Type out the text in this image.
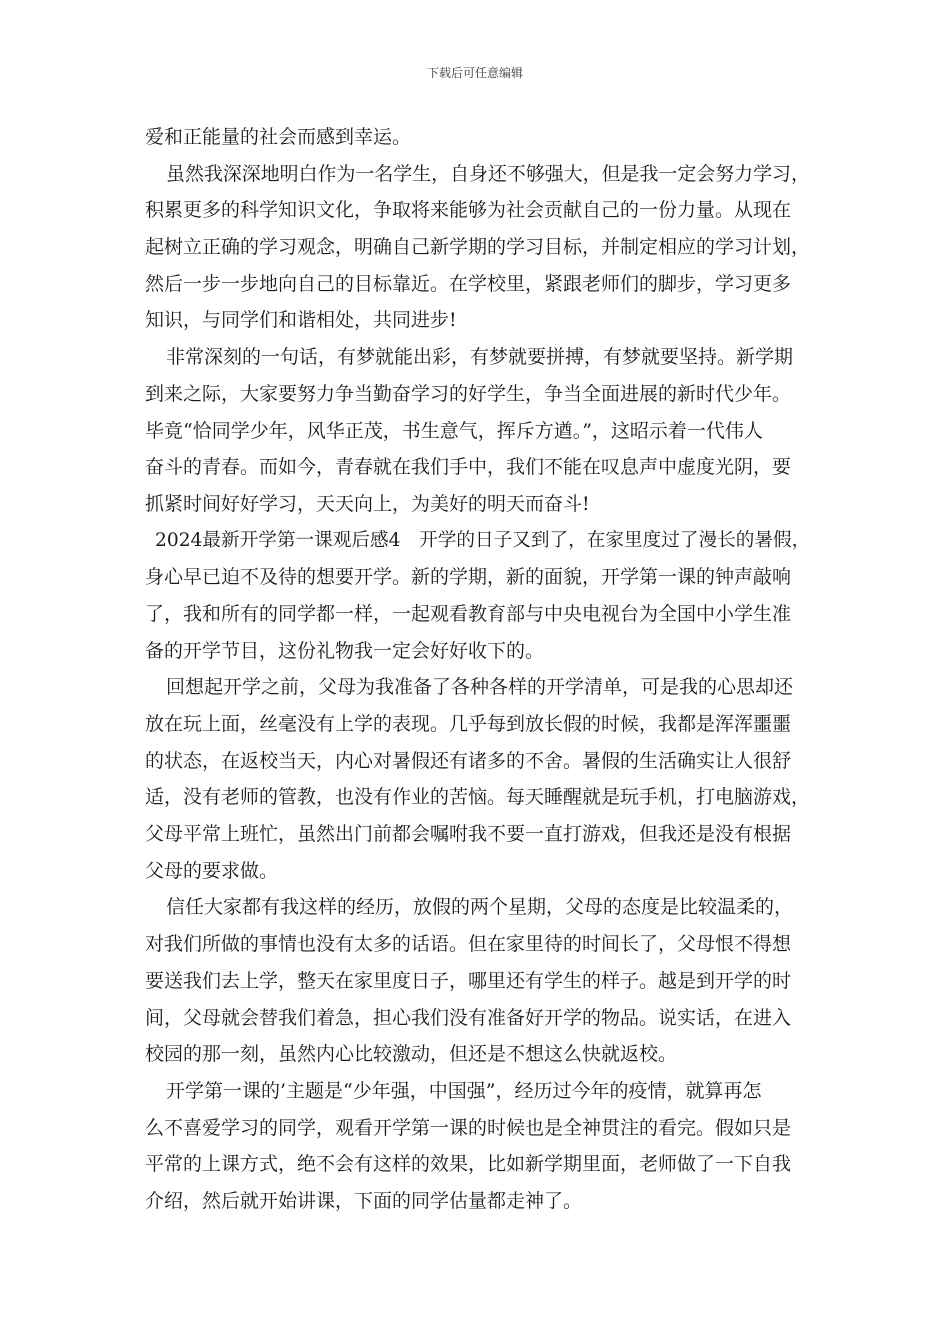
下载后可任意编辑
爱和正能量的社会而感到幸运。
虽然我深深地明白作为一名学生，自身还不够强大，但是我一定会努力学习，
积累更多的科学知识文化，争取将来能够为社会贡献自己的一份力量。从现在
起树立正确的学习观念，明确自己新学期的学习目标，并制定相应的学习计划，
然后一步一步地向自己的目标靠近。在学校里，紧跟老师们的脚步，学习更多
知识，与同学们和谐相处，共同进步!
非常深刻的一句话，有梦就能出彩，有梦就要拼搏，有梦就要坚持。新学期
到来之际，大家要努力争当勤奋学习的好学生，争当全面进展的新时代少年。
毕竟“恰同学少年，风华正茂，书生意气，挥斥方遒。”，这昭示着一代伟人
奋斗的青春。而如今，青春就在我们手中，我们不能在叹息声中虚度光阴，要
抓紧时间好好学习，天天向上，为美好的明天而奋斗!
2024最新开学第一课观后感4　开学的日子又到了，在家里度过了漫长的暑假，
身心早已迫不及待的想要开学。新的学期，新的面貌，开学第一课的钟声敲响
了，我和所有的同学都一样，一起观看教育部与中央电视台为全国中小学生准
备的开学节目，这份礼物我一定会好好收下的。
回想起开学之前，父母为我准备了各种各样的开学清单，可是我的心思却还
放在玩上面，丝毫没有上学的表现。几乎每到放长假的时候，我都是浑浑噩噩
的状态，在返校当天，内心对暑假还有诸多的不舍。暑假的生活确实让人很舒
适，没有老师的管教，也没有作业的苦恼。每天睡醒就是玩手机，打电脑游戏，
父母平常上班忙，虽然出门前都会嘱咐我不要一直打游戏，但我还是没有根据
父母的要求做。
信任大家都有我这样的经历，放假的两个星期，父母的态度是比较温柔的，
对我们所做的事情也没有太多的话语。但在家里待的时间长了，父母恨不得想
要送我们去上学，整天在家里度日子，哪里还有学生的样子。越是到开学的时
间，父母就会替我们着急，担心我们没有准备好开学的物品。说实话，在进入
校园的那一刻，虽然内心比较激动，但还是不想这么快就返校。
开学第一课的’主题是“少年强，中国强”，经历过今年的疫情，就算再怎
么不喜爱学习的同学，观看开学第一课的时候也是全神贯注的看完。假如只是
平常的上课方式，绝不会有这样的效果，比如新学期里面，老师做了一下自我
介绍，然后就开始讲课，下面的同学估量都走神了。
